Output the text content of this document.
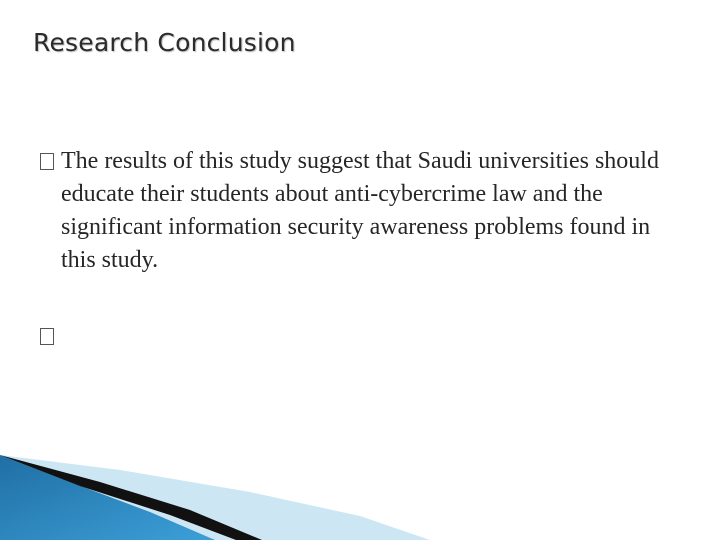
Research Conclusion
The results of this study suggest that Saudi universities should educate their students about anti-cybercrime law and the significant information security awareness problems found in this study.
